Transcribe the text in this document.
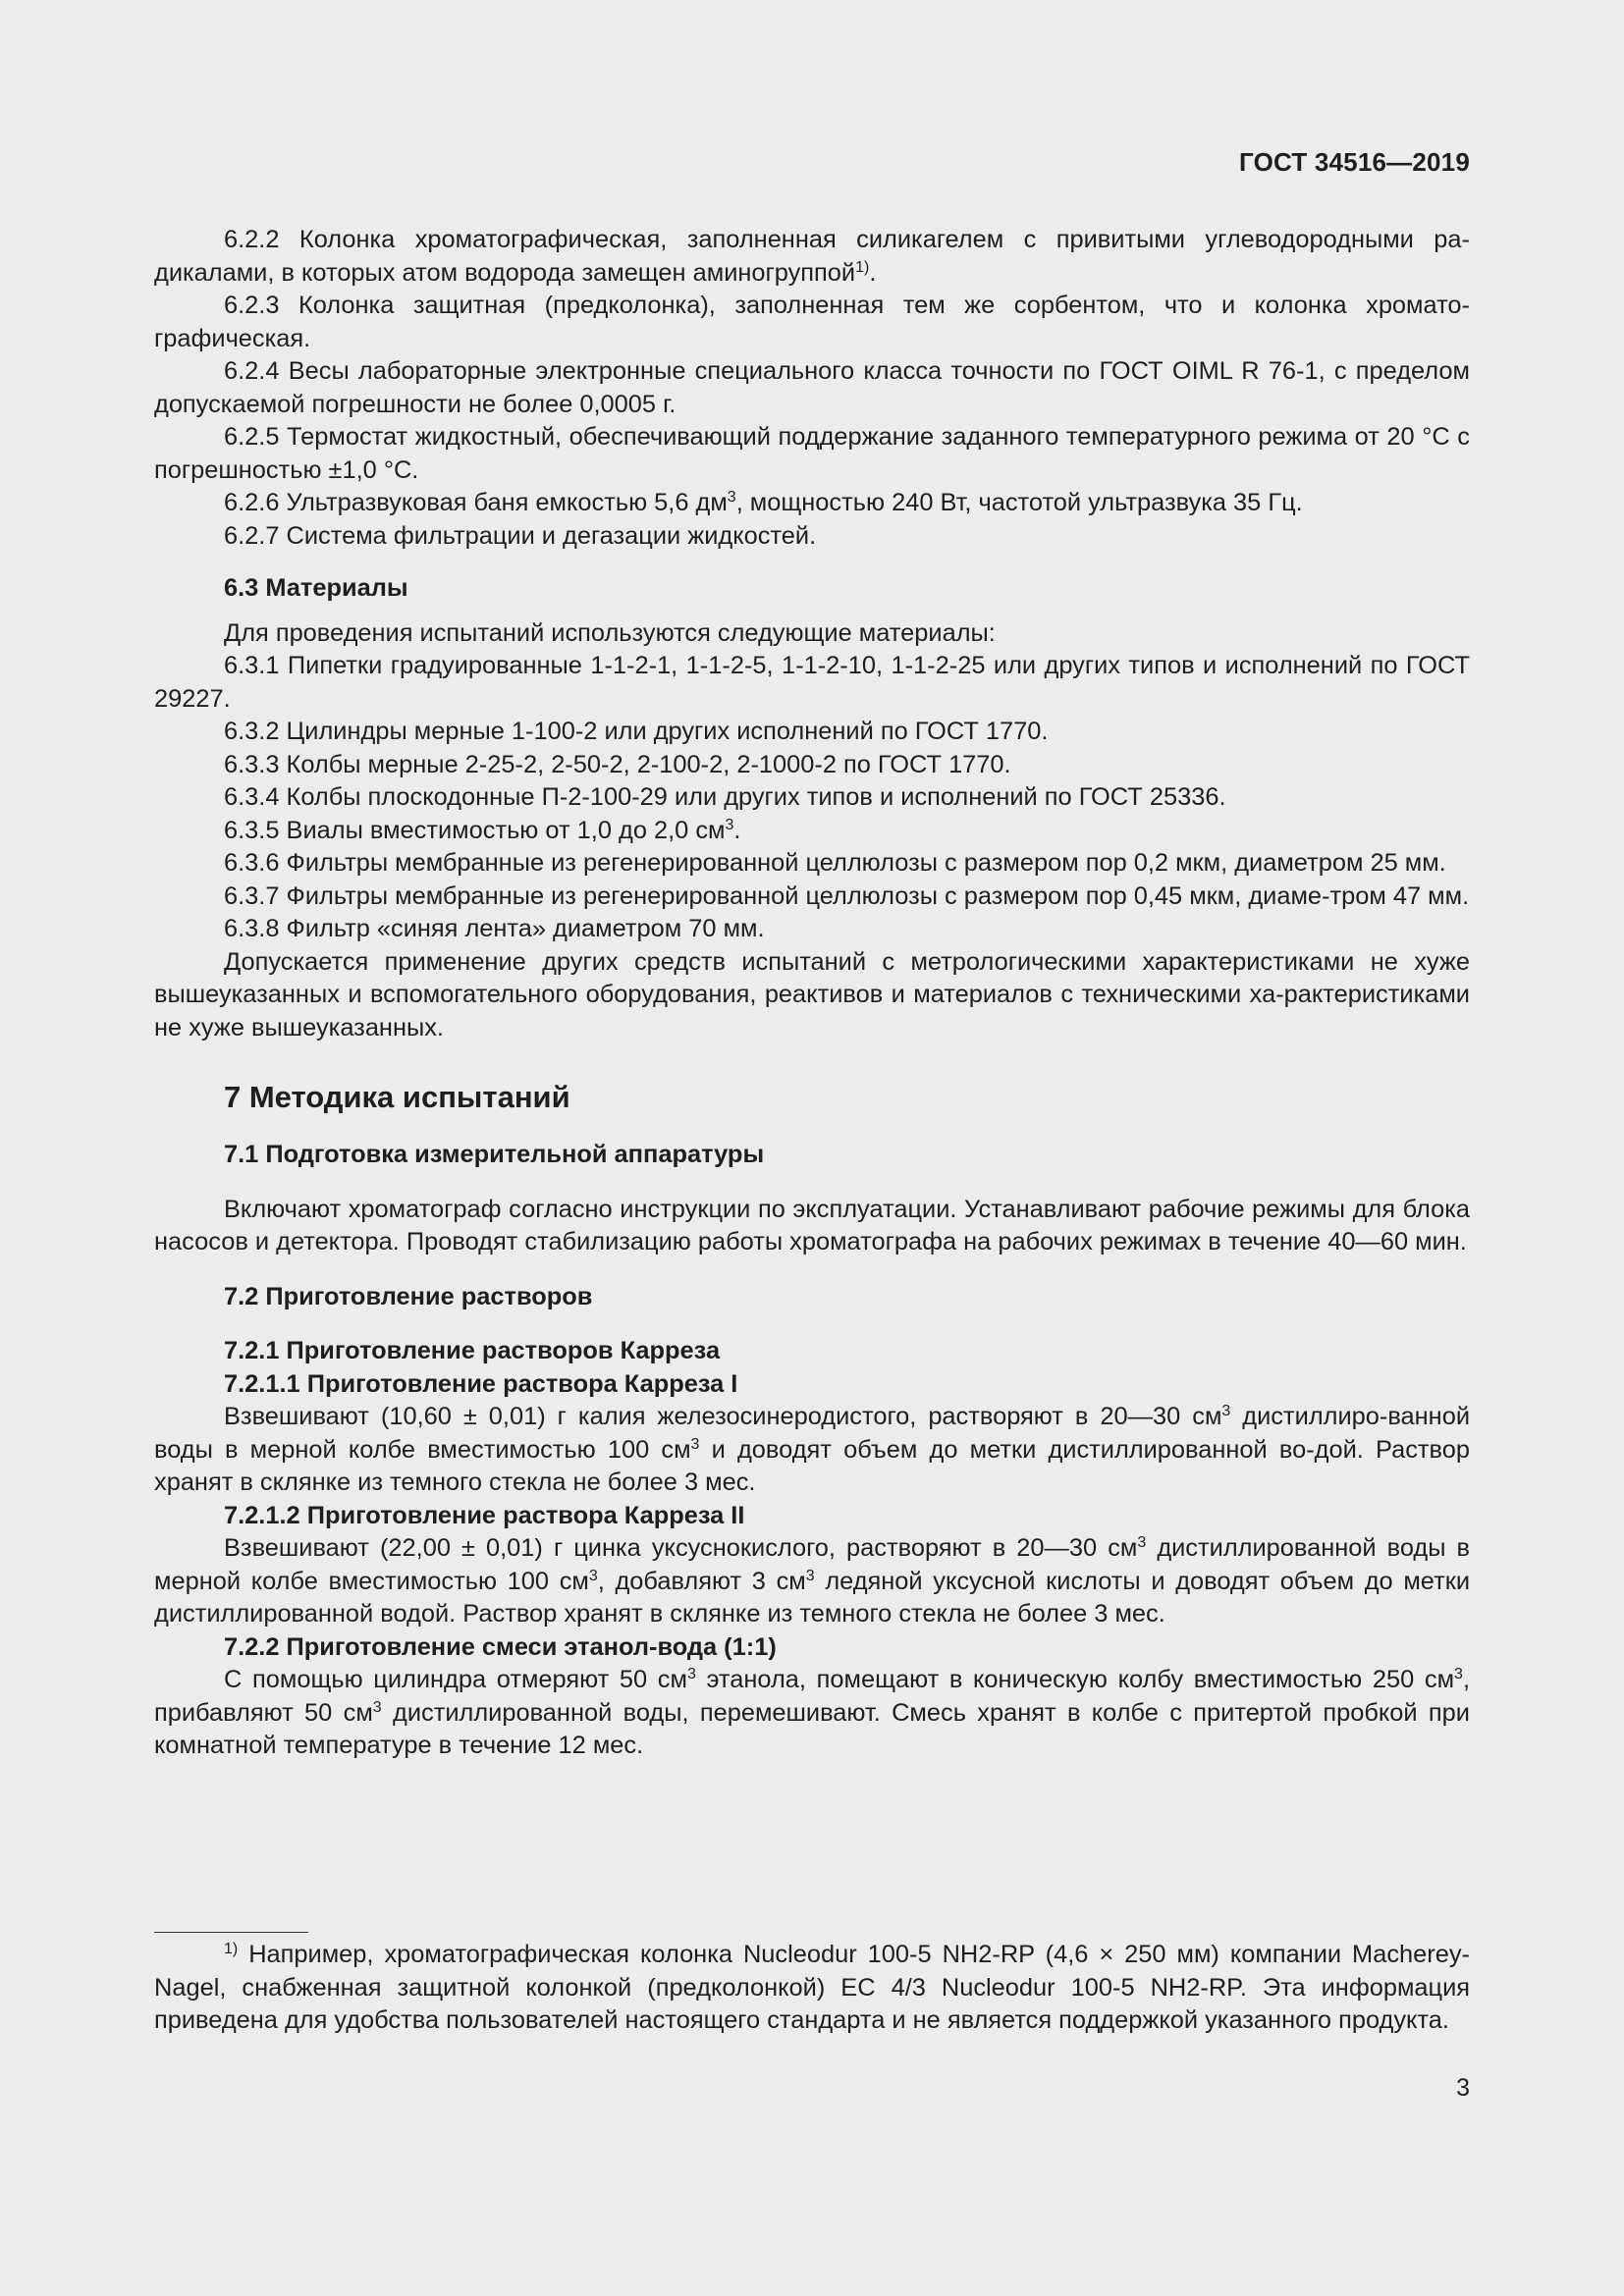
ГОСТ 34516—2019

6.2.2 Колонка хроматографическая, заполненная силикагелем с привитыми углеводородными ра- дикалами, в которых атом водорода замещен аминогруппой$^{1)}$.

6.2.3 Колонка защитная (предколонка), заполненная тем же сорбентом, что и колонка хромато-графическая.

6.2.4 Весы лабораторные электронные специального класса точности по ГОСТ OIML R 76-1, с пределом допускаемой погрешности не более 0,0005 г.

6.2.5 Термостат жидкостный, обеспечивающий поддержание заданного температурного режима от 20 °C с погрешностью ±1,0 °C.

6.2.6 Ультразвуковая баня емкостью 5,6 $дм^3$, мощностью 240 Вт, частотой ультразвука 35 Гц.

6.2.7 Система фильтрации и дегазации жидкостей.

6.3 Материалы

Для проведения испытаний используются следующие материалы:

6.3.1 Пипетки градуированные 1-1-2-1, 1-1-2-5, 1-1-2-10, 1-1-2-25 или других типов и исполнений по ГОСТ 29227.

6.3.2 Цилиндры мерные 1-100-2 или других исполнений по ГОСТ 1770.

6.3.3 Колбы мерные 2-25-2, 2-50-2, 2-100-2, 2-1000-2 по ГОСТ 1770.

6.3.4 Колбы плоскодонные П-2-100-29 или других типов и исполнений по ГОСТ 25336.

6.3.5 Виалы вместимостью от 1,0 до 2,0 $см^3$.

6.3.6 Фильтры мембранные из регенерированной целлюлозы с размером пор 0,2 мкм, диаметром 25 мм.

6.3.7 Фильтры мембранные из регенерированной целлюлозы с размером пор 0,45 мкм, диаме-тром 47 мм.

6.3.8 Фильтр «синяя лента» диаметром 70 мм.

Допускается применение других средств испытаний с метрологическими характеристиками не хуже вышеуказанных и вспомогательного оборудования, реактивов и материалов с техническими ха-рактеристиками не хуже вышеуказанных.

7 Методика испытаний

7.1 Подготовка измерительной аппаратуры

Включают хроматограф согласно инструкции по эксплуатации. Устанавливают рабочие режимы для блока насосов и детектора. Проводят стабилизацию работы хроматографа на рабочих режимах в течение 40—60 мин.

7.2 Приготовление растворов

7.2.1 Приготовление растворов Карреза

7.2.1.1 Приготовление раствора Карреза I

Взвешивают (10,60 ± 0,01) г калия железосинеродистого, растворяют в 20—30 $см^3$ дистиллиро-ванной воды в мерной колбе вместимостью 100 $см^3$ и доводят объем до метки дистиллированной во-дой. Раствор хранят в склянке из темного стекла не более 3 мес.

7.2.1.2 Приготовление раствора Карреза II

Взвешивают (22,00 ± 0,01) г цинка уксуснокислого, растворяют в 20—30 $см^3$ дистиллированной воды в мерной колбе вместимостью 100 $см^3$, добавляют 3 $см^3$ ледяной уксусной кислоты и доводят объем до метки дистиллированной водой. Раствор хранят в склянке из темного стекла не более 3 мес.

7.2.2 Приготовление смеси этанол-вода (1:1)

С помощью цилиндра отмеряют 50 $см^3$ этанола, помещают в коническую колбу вместимостью 250 $см^3$, прибавляют 50 $см^3$ дистиллированной воды, перемешивают. Смесь хранят в колбе с притертой пробкой при комнатной температуре в течение 12 мес.

$^{1)}$ Например, хроматографическая колонка Nucleodur 100-5 NH2-RP (4,6 × 250 мм) компании Macherey-Nagel, снабженная защитной колонкой (предколонкой) EC 4/3 Nucleodur 100-5 NH2-RP. Эта информация приведена для удобства пользователей настоящего стандарта и не является поддержкой указанного продукта.

3
